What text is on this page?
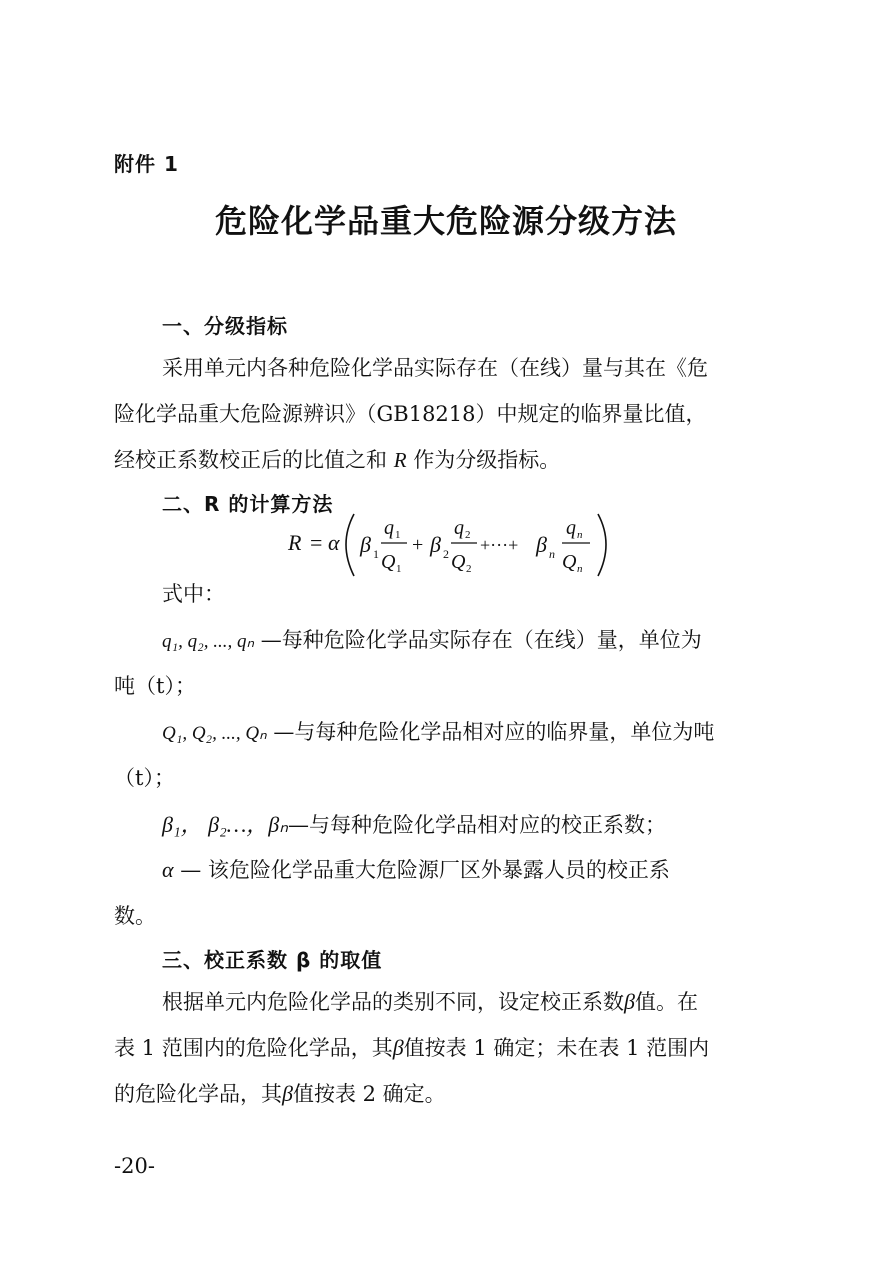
附件 1
危险化学品重大危险源分级方法
一、分级指标
采用单元内各种危险化学品实际存在（在线）量与其在《危
险化学品重大危险源辨识》（GB18218）中规定的临界量比值，
经校正系数校正后的比值之和 R 作为分级指标。
二、R 的计算方法
R = α β 1
q 1
Q 1
+ β 2
q 2
Q 2
+···+ β n
q n
Q n
式中：
q₁, q₂, ..., qₙ —每种危险化学品实际存在（在线）量，单位为
吨（t）；
Q₁, Q₂, ..., Qₙ —与每种危险化学品相对应的临界量，单位为吨
（t）；
β₁， β₂…，βₙ—与每种危险化学品相对应的校正系数；
α — 该危险化学品重大危险源厂区外暴露人员的校正系
数。
三、校正系数 β 的取值
根据单元内危险化学品的类别不同，设定校正系数β值。在
表 1 范围内的危险化学品，其β值按表 1 确定；未在表 1 范围内
的危险化学品，其β值按表 2 确定。
-20-
